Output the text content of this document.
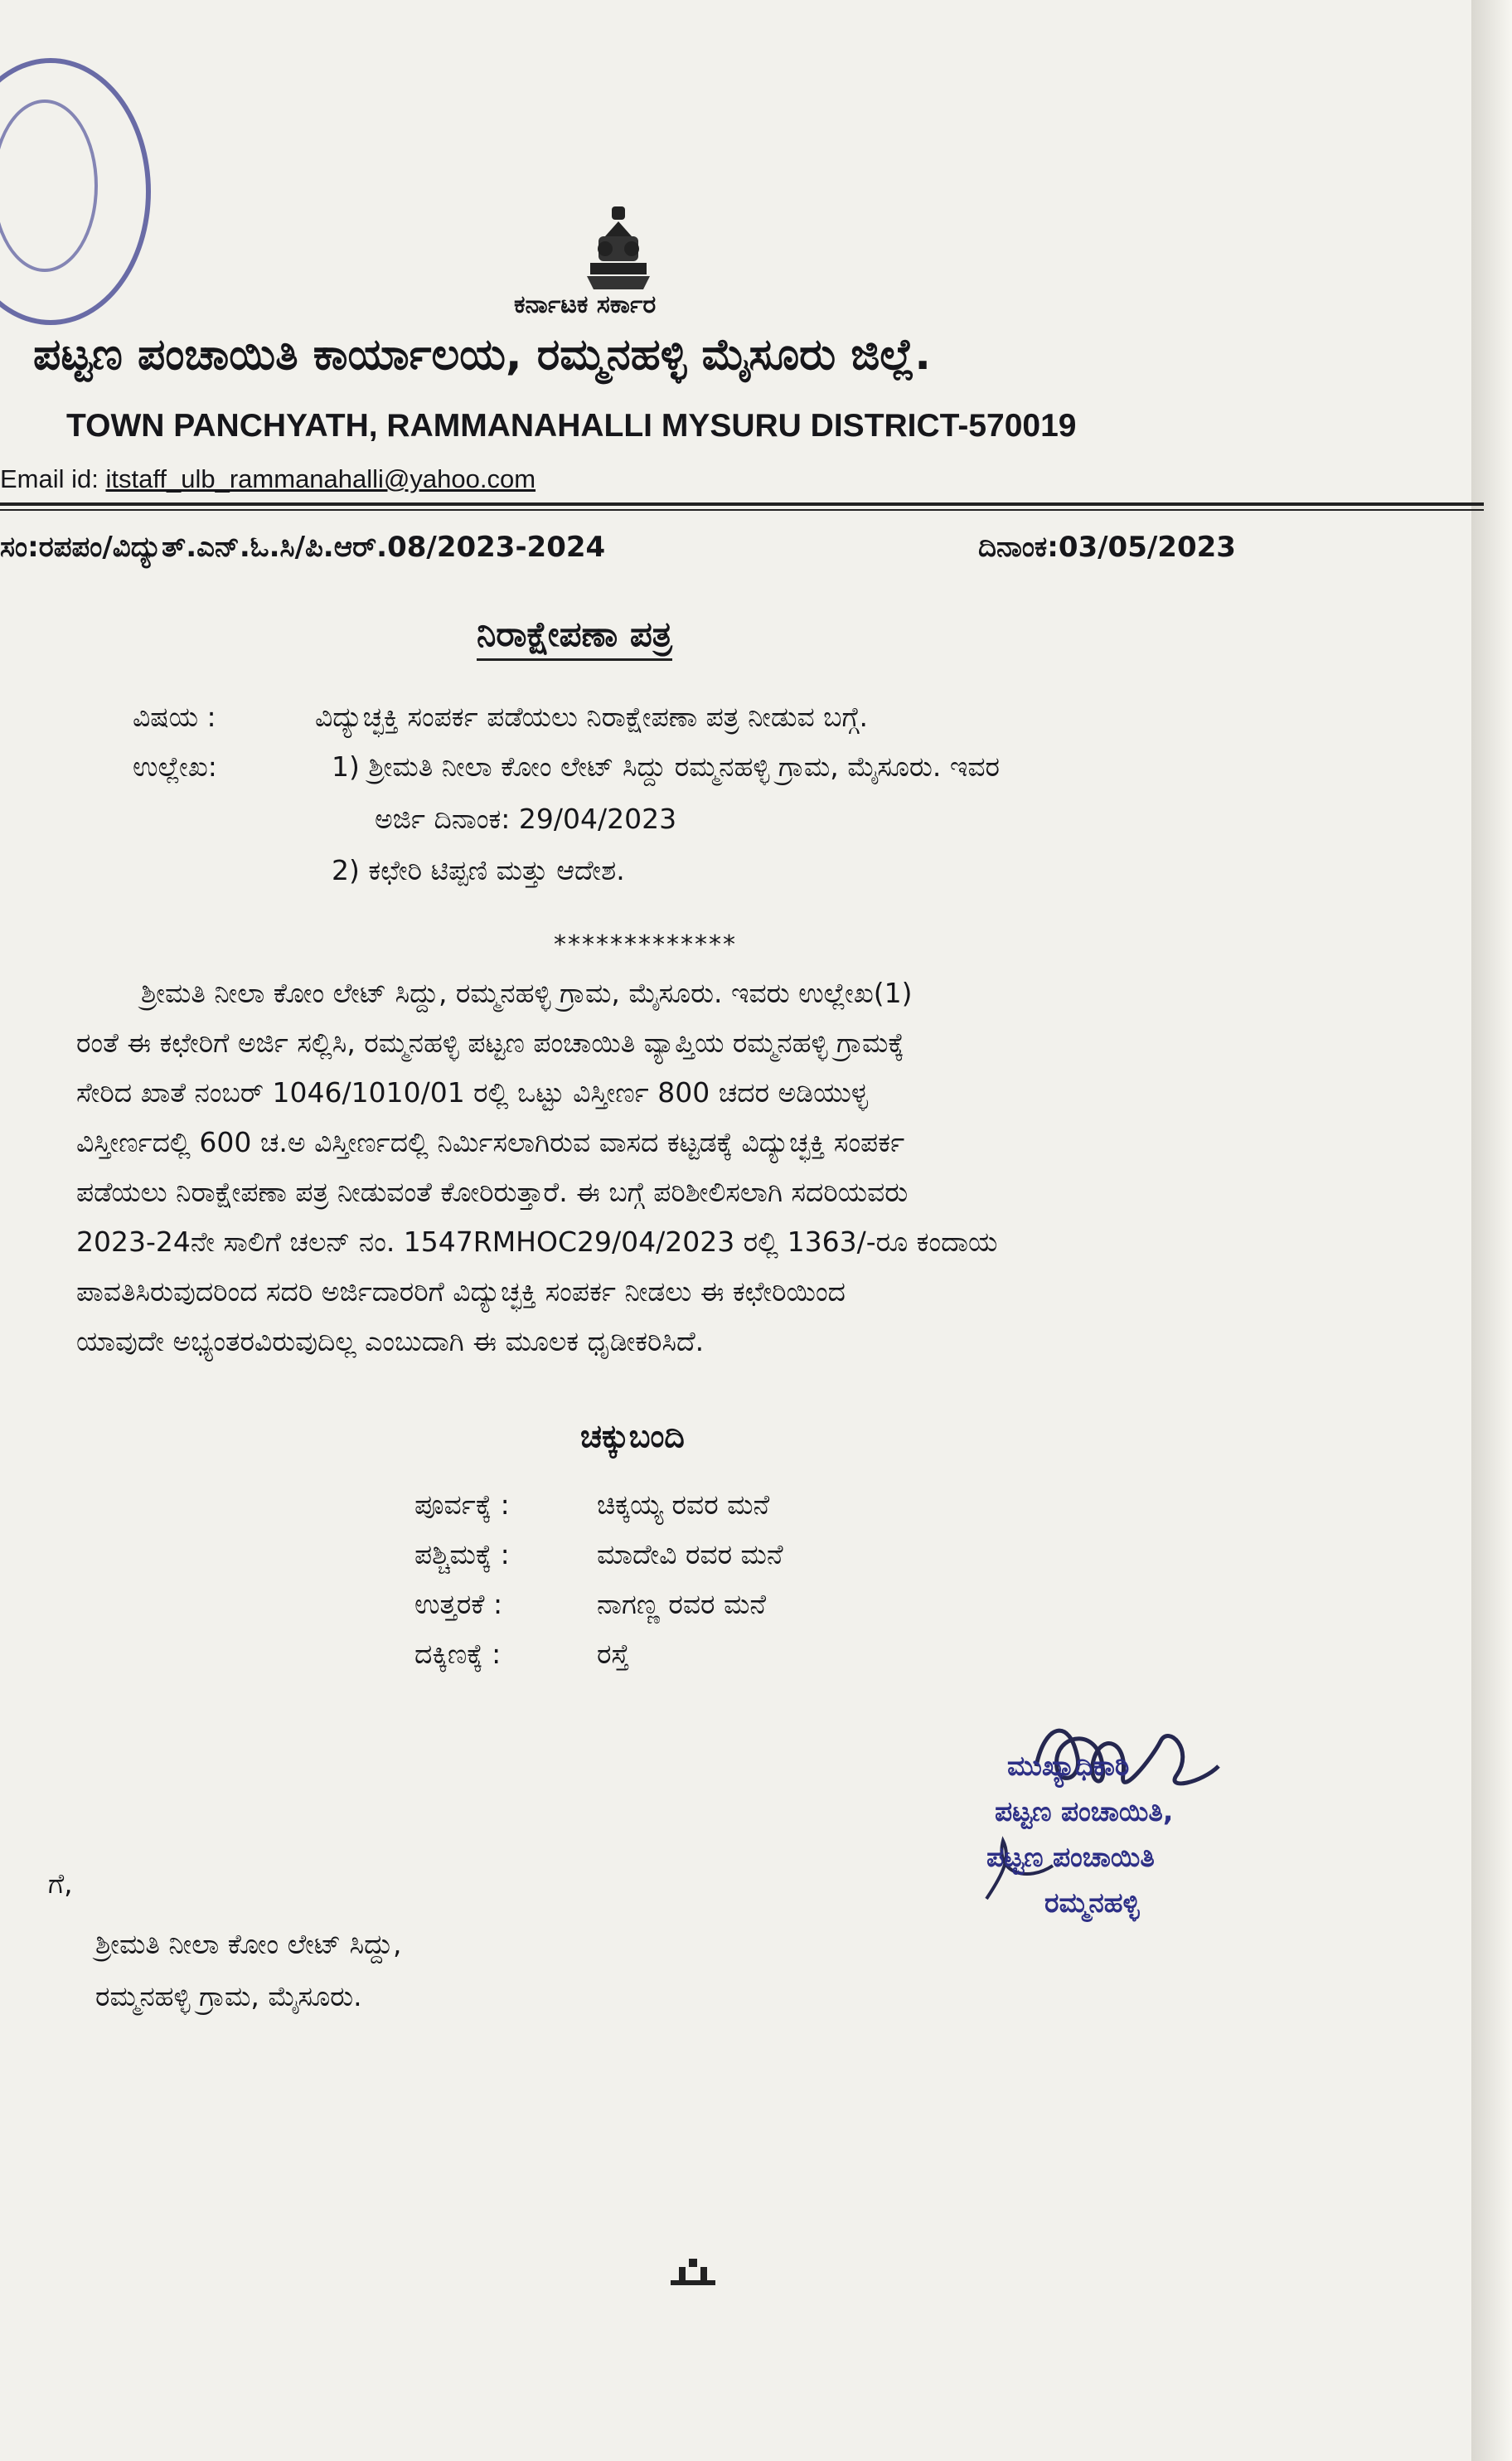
ಕರ್ನಾಟಕ ಸರ್ಕಾರ
ಪಟ್ಟಣ ಪಂಚಾಯಿತಿ ಕಾರ್ಯಾಲಯ, ರಮ್ಮನಹಳ್ಳಿ ಮೈಸೂರು ಜಿಲ್ಲೆ.
TOWN PANCHYATH, RAMMANAHALLI MYSURU DISTRICT-570019
Email id: itstaff_ulb_rammanahalli@yahoo.com
ಸಂ:ರಪಪಂ/ವಿದ್ಯುತ್.ಎನ್.ಓ.ಸಿ/ಪಿ.ಆರ್.08/2023-2024	ದಿನಾಂಕ:03/05/2023
ನಿರಾಕ್ಷೇಪಣಾ ಪತ್ರ
ವಿಷಯ :	ವಿದ್ಯುಚ್ಛಕ್ತಿ ಸಂಪರ್ಕ ಪಡೆಯಲು ನಿರಾಕ್ಷೇಪಣಾ ಪತ್ರ ನೀಡುವ ಬಗ್ಗೆ.
ಉಲ್ಲೇಖ:	1) ಶ್ರೀಮತಿ ನೀಲಾ ಕೋಂ ಲೇಟ್ ಸಿದ್ದು ರಮ್ಮನಹಳ್ಳಿ ಗ್ರಾಮ, ಮೈಸೂರು. ಇವರ
ಅರ್ಜಿ ದಿನಾಂಕ: 29/04/2023
2) ಕಛೇರಿ ಟಿಪ್ಪಣಿ ಮತ್ತು ಆದೇಶ.
*************
ಶ್ರೀಮತಿ ನೀಲಾ ಕೋಂ ಲೇಟ್ ಸಿದ್ದು, ರಮ್ಮನಹಳ್ಳಿ ಗ್ರಾಮ, ಮೈಸೂರು. ಇವರು ಉಲ್ಲೇಖ(1)
ರಂತೆ ಈ ಕಛೇರಿಗೆ ಅರ್ಜಿ ಸಲ್ಲಿಸಿ, ರಮ್ಮನಹಳ್ಳಿ ಪಟ್ಟಣ ಪಂಚಾಯಿತಿ ವ್ಯಾಪ್ತಿಯ ರಮ್ಮನಹಳ್ಳಿ ಗ್ರಾಮಕ್ಕೆ
ಸೇರಿದ ಖಾತೆ ನಂಬರ್ 1046/1010/01 ರಲ್ಲಿ ಒಟ್ಟು ವಿಸ್ತೀರ್ಣ 800 ಚದರ ಅಡಿಯುಳ್ಳ
ವಿಸ್ತೀರ್ಣದಲ್ಲಿ 600 ಚ.ಅ ವಿಸ್ತೀರ್ಣದಲ್ಲಿ ನಿರ್ಮಿಸಲಾಗಿರುವ ವಾಸದ ಕಟ್ಟಡಕ್ಕೆ ವಿದ್ಯುಚ್ಛಕ್ತಿ ಸಂಪರ್ಕ
ಪಡೆಯಲು ನಿರಾಕ್ಷೇಪಣಾ ಪತ್ರ ನೀಡುವಂತೆ ಕೋರಿರುತ್ತಾರೆ. ಈ ಬಗ್ಗೆ ಪರಿಶೀಲಿಸಲಾಗಿ ಸದರಿಯವರು
2023-24ನೇ ಸಾಲಿಗೆ ಚಲನ್ ನಂ. 1547RMHOC29/04/2023 ರಲ್ಲಿ 1363/-ರೂ ಕಂದಾಯ
ಪಾವತಿಸಿರುವುದರಿಂದ ಸದರಿ ಅರ್ಜಿದಾರರಿಗೆ ವಿದ್ಯುಚ್ಛಕ್ತಿ ಸಂಪರ್ಕ ನೀಡಲು ಈ ಕಛೇರಿಯಿಂದ
ಯಾವುದೇ ಅಭ್ಯಂತರವಿರುವುದಿಲ್ಲ ಎಂಬುದಾಗಿ ಈ ಮೂಲಕ ಧೃಡೀಕರಿಸಿದೆ.
ಚಕ್ಕುಬಂದಿ
ಪೂರ್ವಕ್ಕೆ :	ಚಿಕ್ಕಯ್ಯ ರವರ ಮನೆ
ಪಶ್ಚಿಮಕ್ಕೆ :	ಮಾದೇವಿ ರವರ ಮನೆ
ಉತ್ತರಕೆ :	ನಾಗಣ್ಣ ರವರ ಮನೆ
ದಕ್ಕಿಣಕ್ಕೆ :	ರಸ್ತೆ
ಮುಖ್ಯಾಧಿಕಾರಿ
ಪಟ್ಟಣ ಪಂಚಾಯಿತಿ,
ಪಟ್ಟಣ ಪಂಚಾಯಿತಿ
ರಮ್ಮನಹಳ್ಳಿ
ಗೆ,
ಶ್ರೀಮತಿ ನೀಲಾ ಕೋಂ ಲೇಟ್ ಸಿದ್ದು,
ರಮ್ಮನಹಳ್ಳಿ ಗ್ರಾಮ, ಮೈಸೂರು.
